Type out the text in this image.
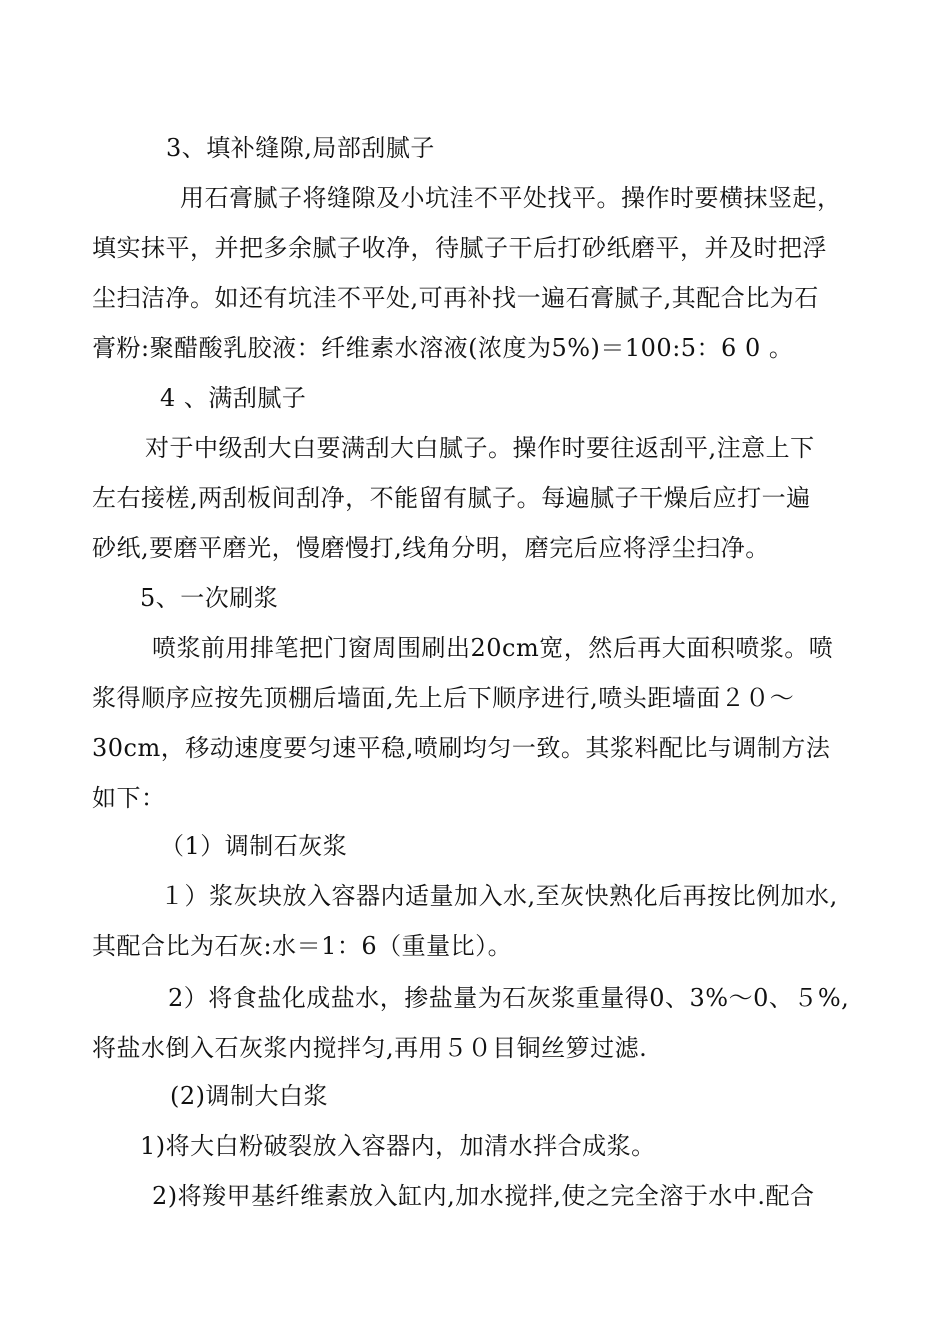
3、填补缝隙,局部刮腻子
用石膏腻子将缝隙及小坑洼不平处找平。操作时要横抹竖起，
填实抹平，并把多余腻子收净，待腻子干后打砂纸磨平，并及时把浮
尘扫洁净。如还有坑洼不平处,可再补找一遍石膏腻子,其配合比为石
膏粉:聚醋酸乳胶液：纤维素水溶液(浓度为5%)＝100:5：6 0 。
4 、满刮腻子
对于中级刮大白要满刮大白腻子。操作时要往返刮平,注意上下
左右接槎,两刮板间刮净，不能留有腻子。每遍腻子干燥后应打一遍
砂纸,要磨平磨光，慢磨慢打,线角分明，磨完后应将浮尘扫净。
5、一次刷浆
喷浆前用排笔把门窗周围刷出20cm宽，然后再大面积喷浆。喷
浆得顺序应按先顶棚后墙面,先上后下顺序进行,喷头距墙面２０～
30cm，移动速度要匀速平稳,喷刷均匀一致。其浆料配比与调制方法
如下：
（1）调制石灰浆
１）浆灰块放入容器内适量加入水,至灰快熟化后再按比例加水,
其配合比为石灰:水＝1：6（重量比）。
2）将食盐化成盐水，掺盐量为石灰浆重量得0、3%～0、５%,
将盐水倒入石灰浆内搅拌匀,再用５０目铜丝箩过滤.
(2)调制大白浆
1)将大白粉破裂放入容器内，加清水拌合成浆。
2)将羧甲基纤维素放入缸内,加水搅拌,使之完全溶于水中.配合
